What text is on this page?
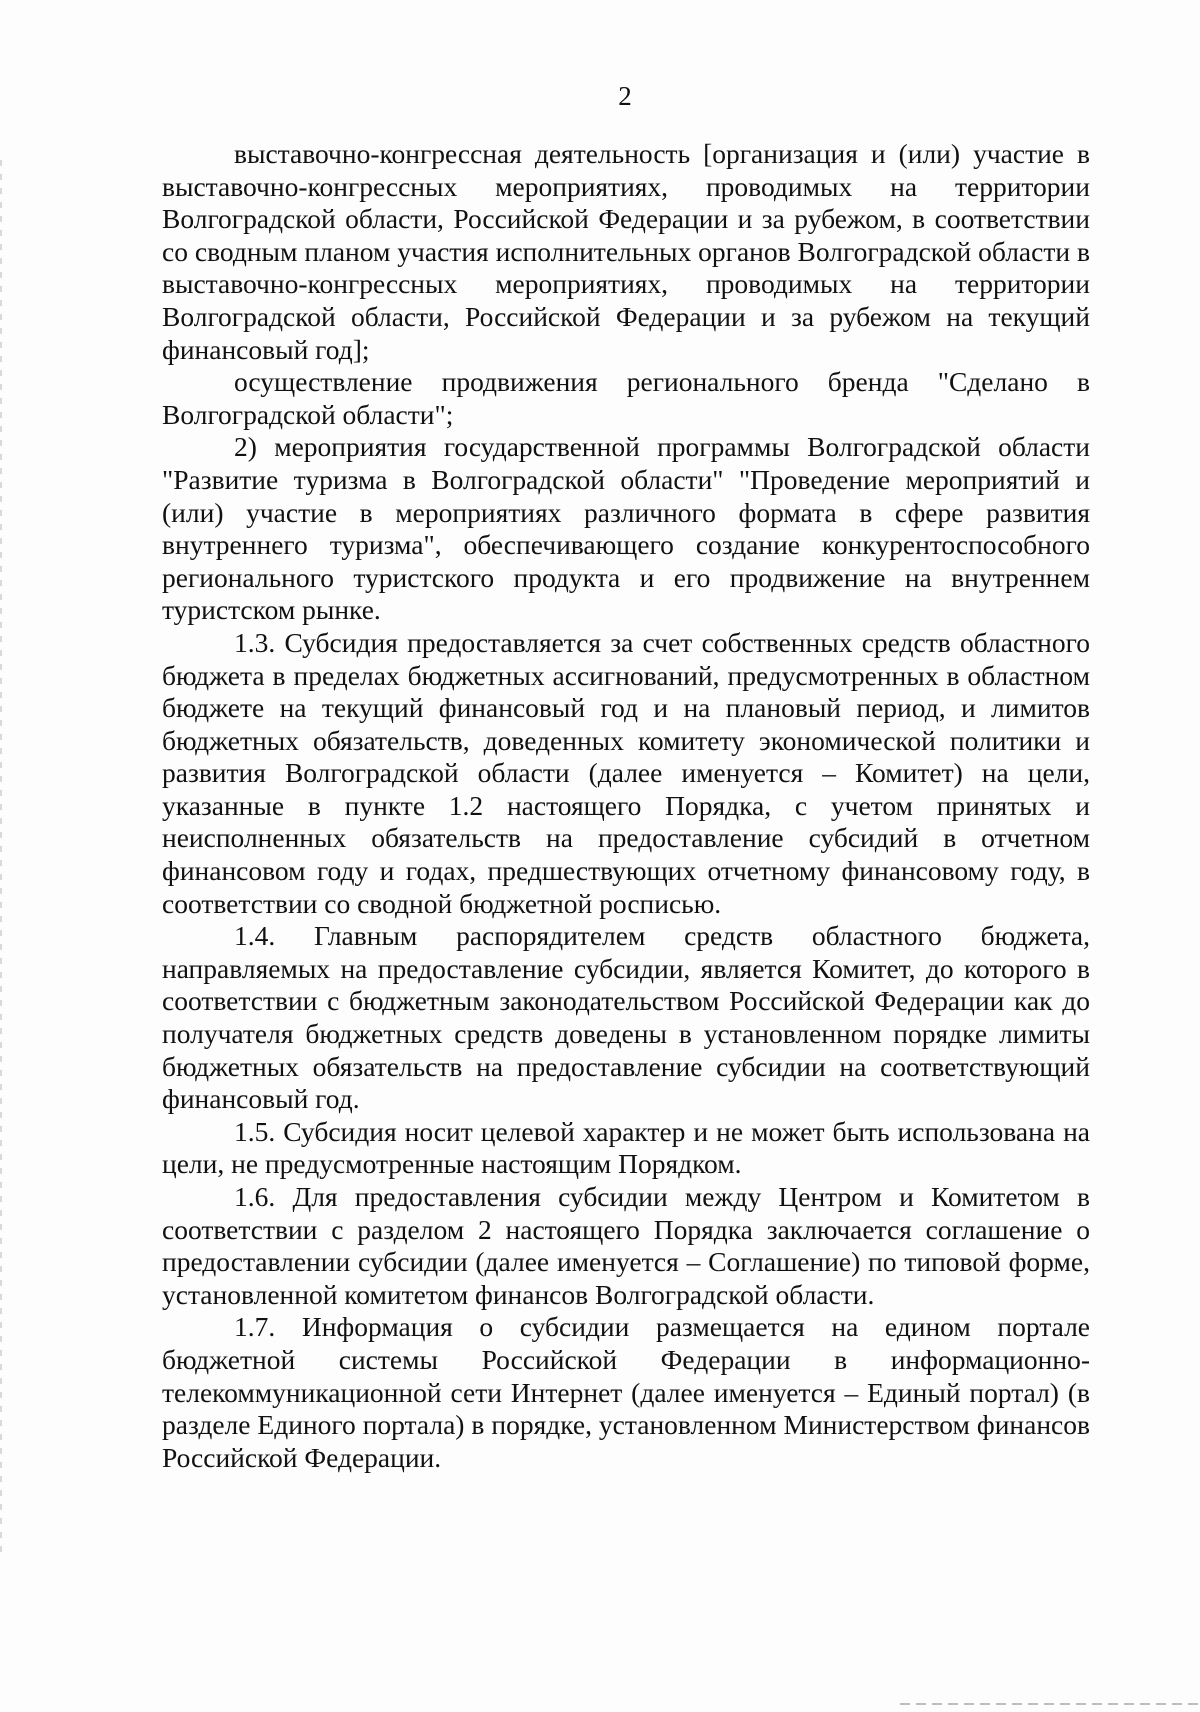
2

выставочно-конгрессная деятельность [организация и (или) участие в выставочно-конгрессных мероприятиях, проводимых на территории Волгоградской области, Российской Федерации и за рубежом, в соответствии со сводным планом участия исполнительных органов Волгоградской области в выставочно-конгрессных мероприятиях, проводимых на территории Волгоградской области, Российской Федерации и за рубежом на текущий финансовый год];

осуществление продвижения регионального бренда "Сделано в Волгоградской области";

2) мероприятия государственной программы Волгоградской области "Развитие туризма в Волгоградской области" "Проведение мероприятий и (или) участие в мероприятиях различного формата в сфере развития внутреннего туризма", обеспечивающего создание конкурентоспособного регионального туристского продукта и его продвижение на внутреннем туристском рынке.

1.3. Субсидия предоставляется за счет собственных средств областного бюджета в пределах бюджетных ассигнований, предусмотренных в областном бюджете на текущий финансовый год и на плановый период, и лимитов бюджетных обязательств, доведенных комитету экономической политики и развития Волгоградской области (далее именуется – Комитет) на цели, указанные в пункте 1.2 настоящего Порядка, с учетом принятых и неисполненных обязательств на предоставление субсидий в отчетном финансовом году и годах, предшествующих отчетному финансовому году, в соответствии со сводной бюджетной росписью.

1.4. Главным распорядителем средств областного бюджета, направляемых на предоставление субсидии, является Комитет, до которого в соответствии с бюджетным законодательством Российской Федерации как до получателя бюджетных средств доведены в установленном порядке лимиты бюджетных обязательств на предоставление субсидии на соответствующий финансовый год.

1.5. Субсидия носит целевой характер и не может быть использована на цели, не предусмотренные настоящим Порядком.

1.6. Для предоставления субсидии между Центром и Комитетом в соответствии с разделом 2 настоящего Порядка заключается соглашение о предоставлении субсидии (далее именуется – Соглашение) по типовой форме, установленной комитетом финансов Волгоградской области.

1.7. Информация о субсидии размещается на едином портале бюджетной системы Российской Федерации в информационно-телекоммуникационной сети Интернет (далее именуется – Единый портал) (в разделе Единого портала) в порядке, установленном Министерством финансов Российской Федерации.
